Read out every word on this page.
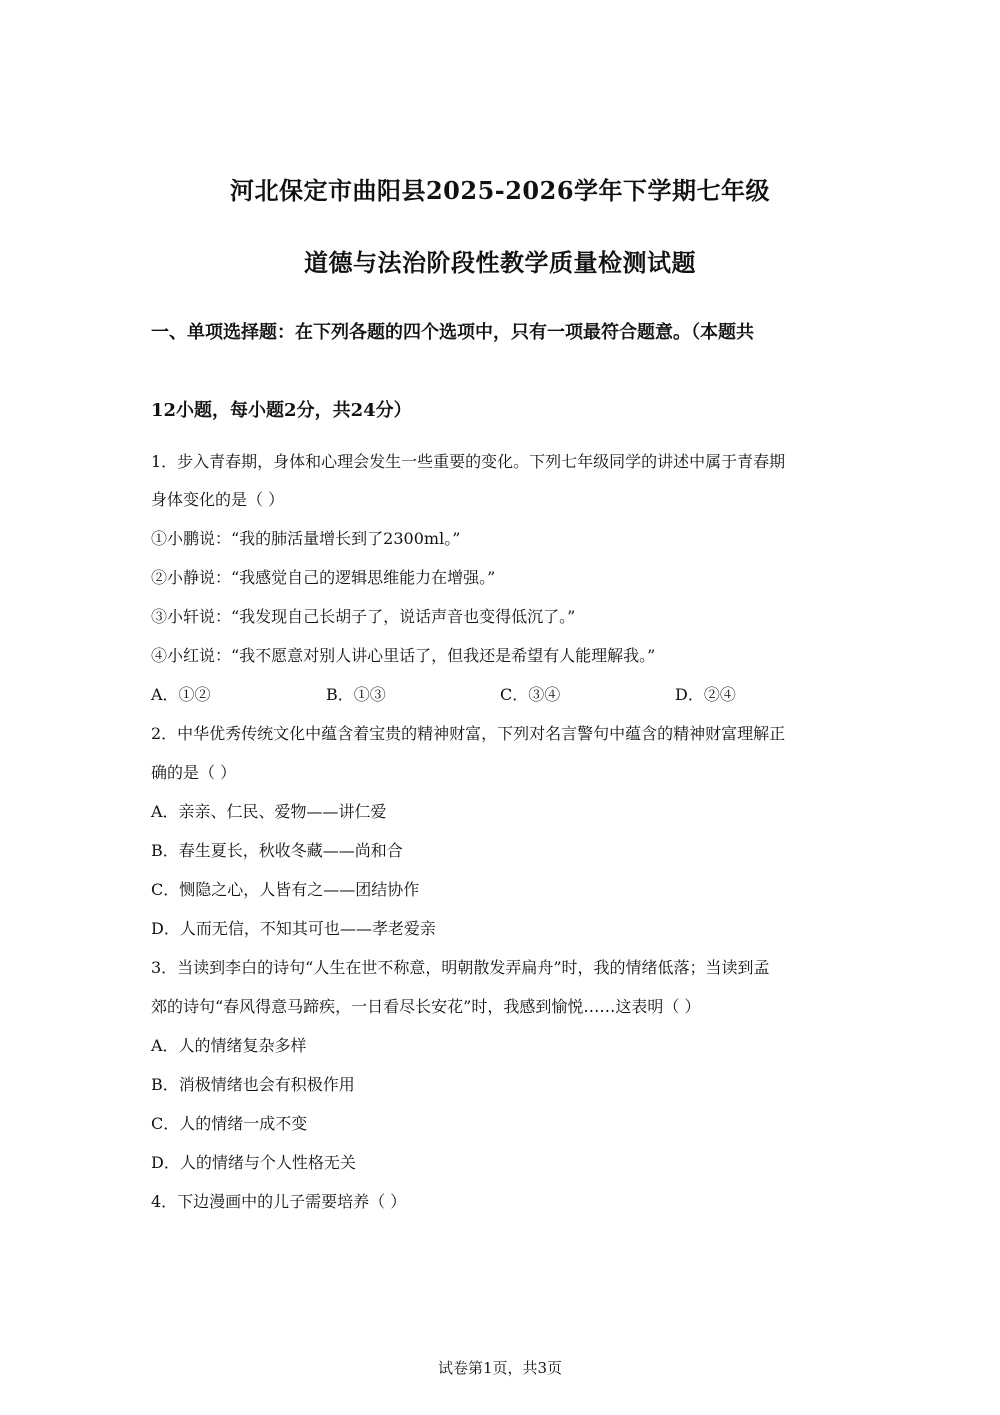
河北保定市曲阳县2025-2026学年下学期七年级
道德与法治阶段性教学质量检测试题
一、单项选择题：在下列各题的四个选项中，只有一项最符合题意。（本题共
12小题，每小题2分，共24分）
1．步入青春期，身体和心理会发生一些重要的变化。下列七年级同学的讲述中属于青春期
身体变化的是（ ）
①小鹏说：“我的肺活量增长到了2300ml。”
②小静说：“我感觉自己的逻辑思维能力在增强。”
③小轩说：“我发现自己长胡子了，说话声音也变得低沉了。”
④小红说：“我不愿意对别人讲心里话了，但我还是希望有人能理解我。”
A．①②	B．①③	C．③④	D．②④
2．中华优秀传统文化中蕴含着宝贵的精神财富，下列对名言警句中蕴含的精神财富理解正
确的是（ ）
A．亲亲、仁民、爱物——讲仁爱
B．春生夏长，秋收冬藏——尚和合
C．恻隐之心，人皆有之——团结协作
D．人而无信，不知其可也——孝老爱亲
3．当读到李白的诗句“人生在世不称意，明朝散发弄扁舟”时，我的情绪低落；当读到孟
郊的诗句“春风得意马蹄疾，一日看尽长安花”时，我感到愉悦……这表明（ ）
A．人的情绪复杂多样
B．消极情绪也会有积极作用
C．人的情绪一成不变
D．人的情绪与个人性格无关
4．下边漫画中的儿子需要培养（ ）
试卷第1页，共3页
